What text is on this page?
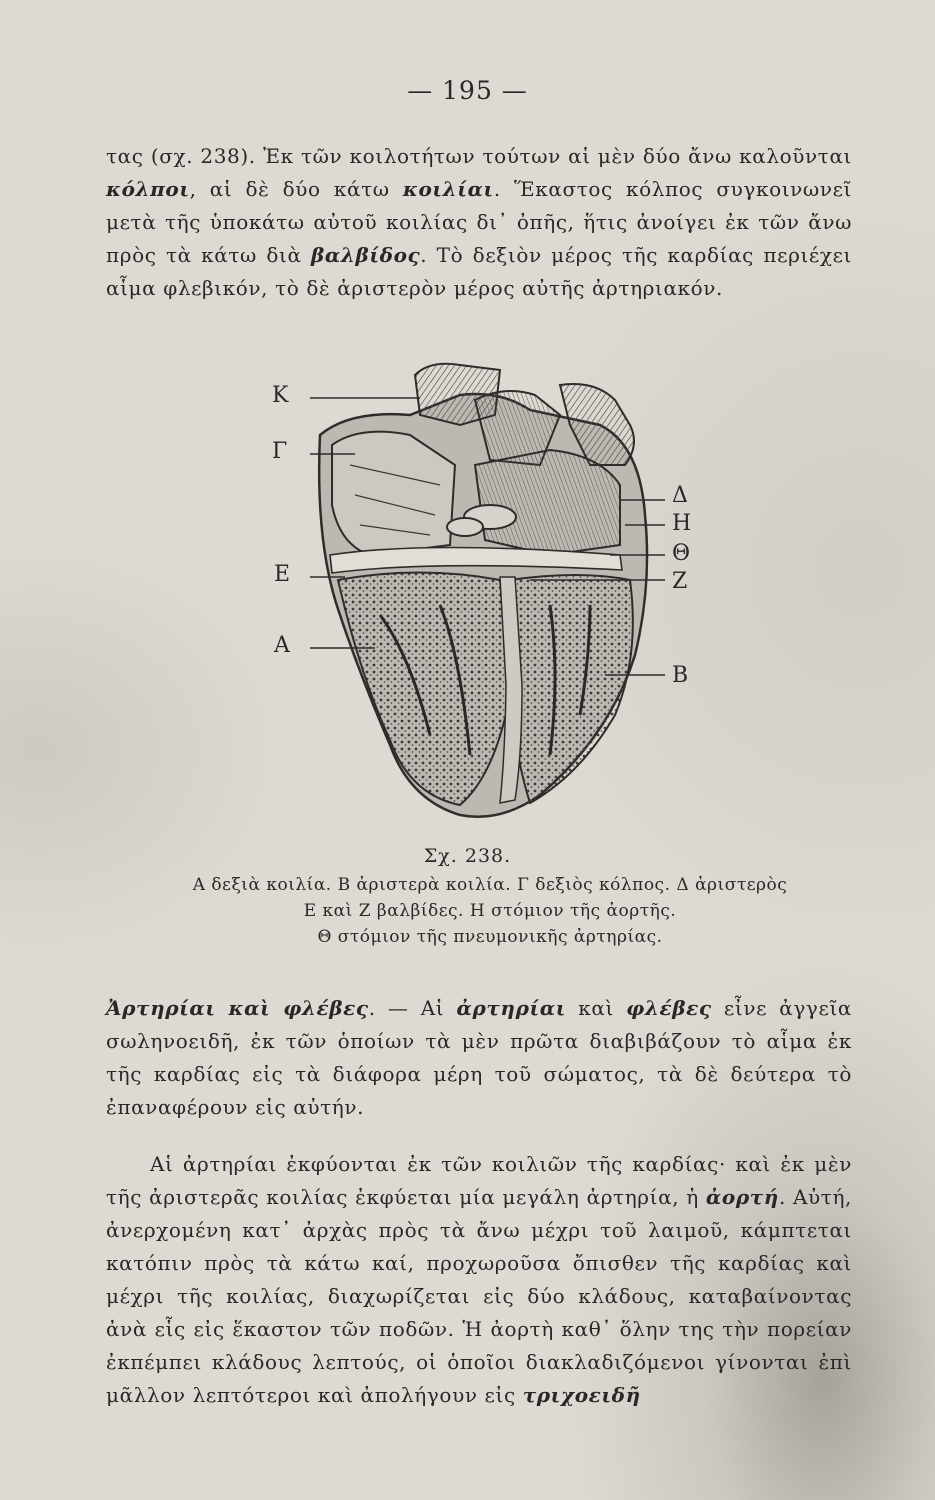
— 195 —

τας (σχ. 238). Ἐκ τῶν κοιλοτήτων τούτων αἱ μὲν δύο ἄνω καλοῦνται κόλποι, αἱ δὲ δύο κάτω κοιλίαι. Ἕκαστος κόλπος συγκοινωνεῖ μετὰ τῆς ὑποκάτω αὐτοῦ κοιλίας δι᾿ ὀπῆς, ἥτις ἀνοίγει ἐκ τῶν ἄνω πρὸς τὰ κάτω διὰ βαλβίδος. Τὸ δεξιὸν μέρος τῆς καρδίας περιέχει αἷμα φλεβικόν, τὸ δὲ ἀριστερὸν μέρος αὐτῆς ἀρτηριακόν.

Κ
Γ
Ε
Α
Δ
Η
Θ
Ζ
Β
Σχ. 238.
Α δεξιὰ κοιλία. Β ἀριστερὰ κοιλία. Γ δεξιὸς κόλπος. Δ ἀριστερὸς
Ε καὶ Ζ βαλβίδες. Η στόμιον τῆς ἀορτῆς.
Θ στόμιον τῆς πνευμονικῆς ἀρτηρίας.

Ἀρτηρίαι καὶ φλέβες. — Αἱ ἀρτηρίαι καὶ φλέβες εἶνε ἀγγεῖα σωληνοειδῆ, ἐκ τῶν ὁποίων τὰ μὲν πρῶτα διαβιβάζουν τὸ αἷμα ἐκ τῆς καρδίας εἰς τὰ διάφορα μέρη τοῦ σώματος, τὰ δὲ δεύτερα τὸ ἐπαναφέρουν εἰς αὐτήν.

Αἱ ἀρτηρίαι ἐκφύονται ἐκ τῶν κοιλιῶν τῆς καρδίας· καὶ ἐκ μὲν τῆς ἀριστερᾶς κοιλίας ἐκφύεται μία μεγάλη ἀρτηρία, ἡ ἀορτή. Αὐτή, ἀνερχομένη κατ᾿ ἀρχὰς πρὸς τὰ ἄνω μέχρι τοῦ λαιμοῦ, κάμπτεται κατόπιν πρὸς τὰ κάτω καί, προχωροῦσα ὄπισθεν τῆς καρδίας καὶ μέχρι τῆς κοιλίας, διαχωρίζεται εἰς δύο κλάδους, καταβαίνοντας ἀνὰ εἷς εἰς ἕκαστον τῶν ποδῶν. Ἡ ἀορτὴ καθ᾿ ὅλην της τὴν πορείαν ἐκπέμπει κλάδους λεπτούς, οἱ ὁποῖοι διακλαδιζόμενοι γίνονται ἐπὶ μᾶλλον λεπτότεροι καὶ ἀπολήγουν εἰς τριχοειδῆ
